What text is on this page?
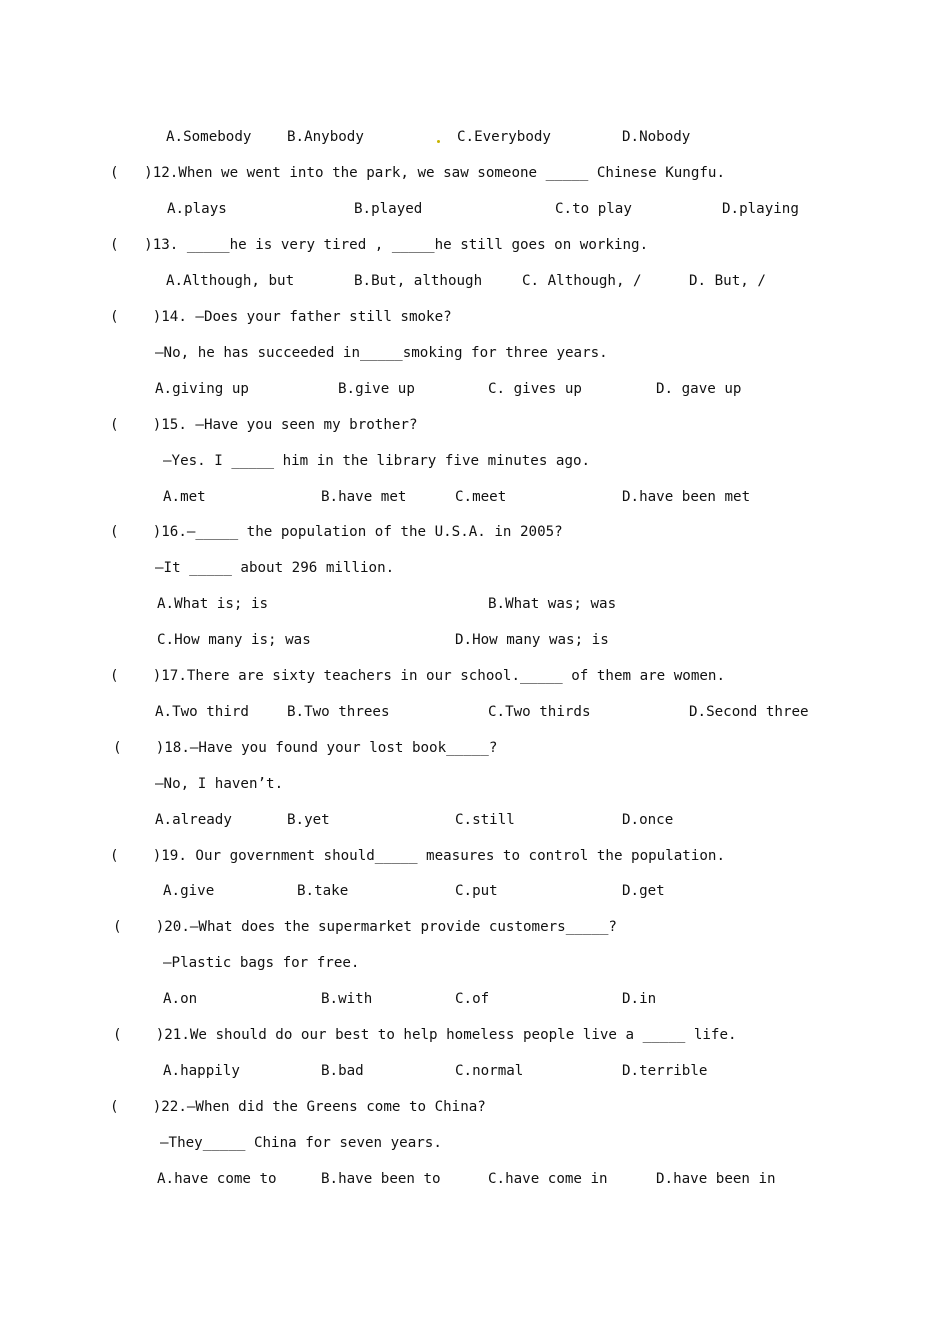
A.Somebody	B.Anybody	C.Everybody	D.Nobody
(   )12.When we went into the park, we saw someone _____ Chinese Kungfu.
A.plays	B.played	C.to play	D.playing
(   )13. _____he is very tired , _____he still goes on working.
A.Although, but	B.But, although	C. Although, /	D. But, /
(    )14. —Does your father still smoke?
—No, he has succeeded in_____smoking for three years.
A.giving up	B.give up	C. gives up	D. gave up
(    )15. —Have you seen my brother?
—Yes. I _____ him in the library five minutes ago.
A.met	B.have met	C.meet	D.have been met
(    )16.—_____ the population of the U.S.A. in 2005?
—It _____ about 296 million.
A.What is; is	B.What was; was
C.How many is; was	D.How many was; is
(    )17.There are sixty teachers in our school._____ of them are women.
A.Two third	B.Two threes	C.Two thirds	D.Second three
(    )18.—Have you found your lost book_____?
—No, I haven’t.
A.already	B.yet	C.still	D.once
(    )19. Our government should_____ measures to control the population.
A.give	B.take	C.put	D.get
(    )20.—What does the supermarket provide customers_____?
—Plastic bags for free.
A.on	B.with	C.of	D.in
(    )21.We should do our best to help homeless people live a _____ life.
A.happily	B.bad	C.normal	D.terrible
(    )22.—When did the Greens come to China?
—They_____ China for seven years.
A.have come to	B.have been to	C.have come in	D.have been in
